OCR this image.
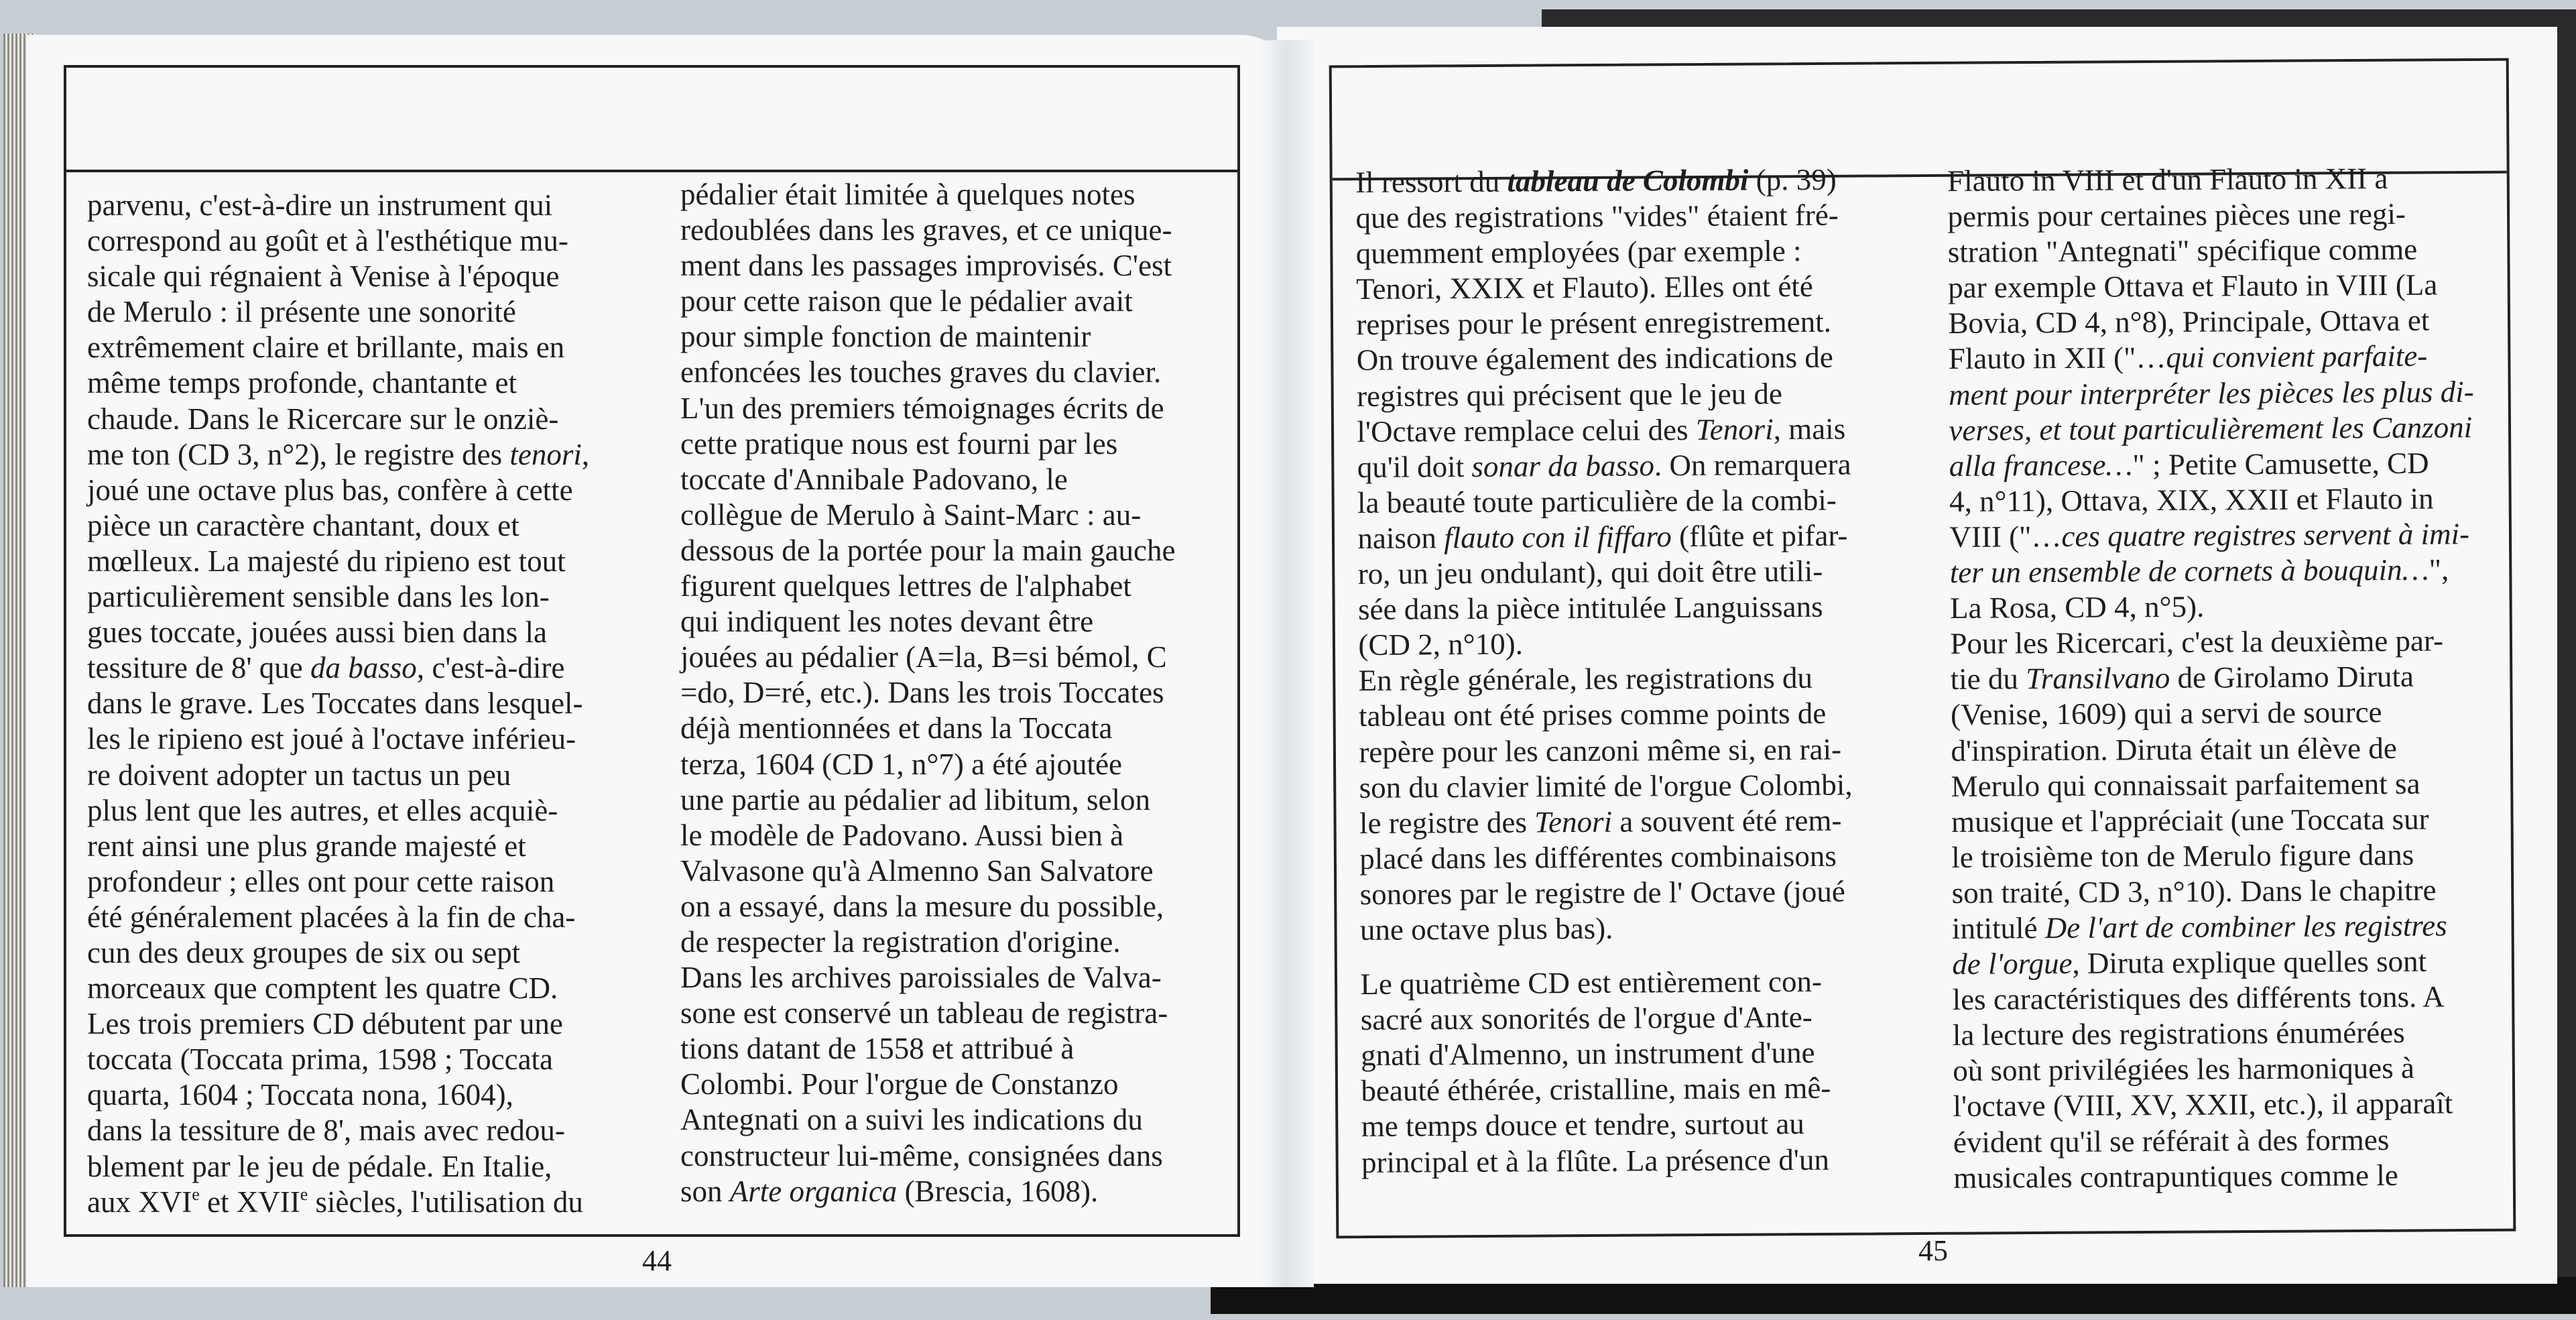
parvenu, c'est-à-dire un instrument qui
correspond au goût et à l'esthétique mu-
sicale qui régnaient à Venise à l'époque
de Merulo : il présente une sonorité
extrêmement claire et brillante, mais en
même temps profonde, chantante et
chaude. Dans le Ricercare sur le onziè-
me ton (CD 3, n°2), le registre des tenori,
joué une octave plus bas, confère à cette
pièce un caractère chantant, doux et
mœlleux. La majesté du ripieno est tout
particulièrement sensible dans les lon-
gues toccate, jouées aussi bien dans la
tessiture de 8' que da basso, c'est-à-dire
dans le grave. Les Toccates dans lesquel-
les le ripieno est joué à l'octave inférieu-
re doivent adopter un tactus un peu
plus lent que les autres, et elles acquiè-
rent ainsi une plus grande majesté et
profondeur ; elles ont pour cette raison
été généralement placées à la fin de cha-
cun des deux groupes de six ou sept
morceaux que comptent les quatre CD.
Les trois premiers CD débutent par une
toccata (Toccata prima, 1598 ; Toccata
quarta, 1604 ; Toccata nona, 1604),
dans la tessiture de 8', mais avec redou-
blement par le jeu de pédale. En Italie,
aux XVIe et XVIIe siècles, l'utilisation du
pédalier était limitée à quelques notes
redoublées dans les graves, et ce unique-
ment dans les passages improvisés. C'est
pour cette raison que le pédalier avait
pour simple fonction de maintenir
enfoncées les touches graves du clavier.
L'un des premiers témoignages écrits de
cette pratique nous est fourni par les
toccate d'Annibale Padovano, le
collègue de Merulo à Saint-Marc : au-
dessous de la portée pour la main gauche
figurent quelques lettres de l'alphabet
qui indiquent les notes devant être
jouées au pédalier (A=la, B=si bémol, C
=do, D=ré, etc.). Dans les trois Toccates
déjà mentionnées et dans la Toccata
terza, 1604 (CD 1, n°7) a été ajoutée
une partie au pédalier ad libitum, selon
le modèle de Padovano. Aussi bien à
Valvasone qu'à Almenno San Salvatore
on a essayé, dans la mesure du possible,
de respecter la registration d'origine.
Dans les archives paroissiales de Valva-
sone est conservé un tableau de registra-
tions datant de 1558 et attribué à
Colombi. Pour l'orgue de Constanzo
Antegnati on a suivi les indications du
constructeur lui-même, consignées dans
son Arte organica (Brescia, 1608).
Il ressort du tableau de Colombi (p. 39)
que des registrations "vides" étaient fré-
quemment employées (par exemple :
Tenori, XXIX et Flauto). Elles ont été
reprises pour le présent enregistrement.
On trouve également des indications de
registres qui précisent que le jeu de
l'Octave remplace celui des Tenori, mais
qu'il doit sonar da basso. On remarquera
la beauté toute particulière de la combi-
naison flauto con il fiffaro (flûte et pifar-
ro, un jeu ondulant), qui doit être utili-
sée dans la pièce intitulée Languissans
(CD 2, n°10).
En règle générale, les registrations du
tableau ont été prises comme points de
repère pour les canzoni même si, en rai-
son du clavier limité de l'orgue Colombi,
le registre des Tenori a souvent été rem-
placé dans les différentes combinaisons
sonores par le registre de l' Octave (joué
une octave plus bas).
Le quatrième CD est entièrement con-
sacré aux sonorités de l'orgue d'Ante-
gnati d'Almenno, un instrument d'une
beauté éthérée, cristalline, mais en mê-
me temps douce et tendre, surtout au
principal et à la flûte. La présence d'un
Flauto in VIII et d'un Flauto in XII a
permis pour certaines pièces une regi-
stration "Antegnati" spécifique comme
par exemple Ottava et Flauto in VIII (La
Bovia, CD 4, n°8), Principale, Ottava et
Flauto in XII ("…qui convient parfaite-
ment pour interpréter les pièces les plus di-
verses, et tout particulièrement les Canzoni
alla francese…" ; Petite Camusette, CD
4, n°11), Ottava, XIX, XXII et Flauto in
VIII ("…ces quatre registres servent à imi-
ter un ensemble de cornets à bouquin…",
La Rosa, CD 4, n°5).
Pour les Ricercari, c'est la deuxième par-
tie du Transilvano de Girolamo Diruta
(Venise, 1609) qui a servi de source
d'inspiration. Diruta était un élève de
Merulo qui connaissait parfaitement sa
musique et l'appréciait (une Toccata sur
le troisième ton de Merulo figure dans
son traité, CD 3, n°10). Dans le chapitre
intitulé De l'art de combiner les registres
de l'orgue, Diruta explique quelles sont
les caractéristiques des différents tons. A
la lecture des registrations énumérées
où sont privilégiées les harmoniques à
l'octave (VIII, XV, XXII, etc.), il apparaît
évident qu'il se référait à des formes
musicales contrapuntiques comme le
44	45
